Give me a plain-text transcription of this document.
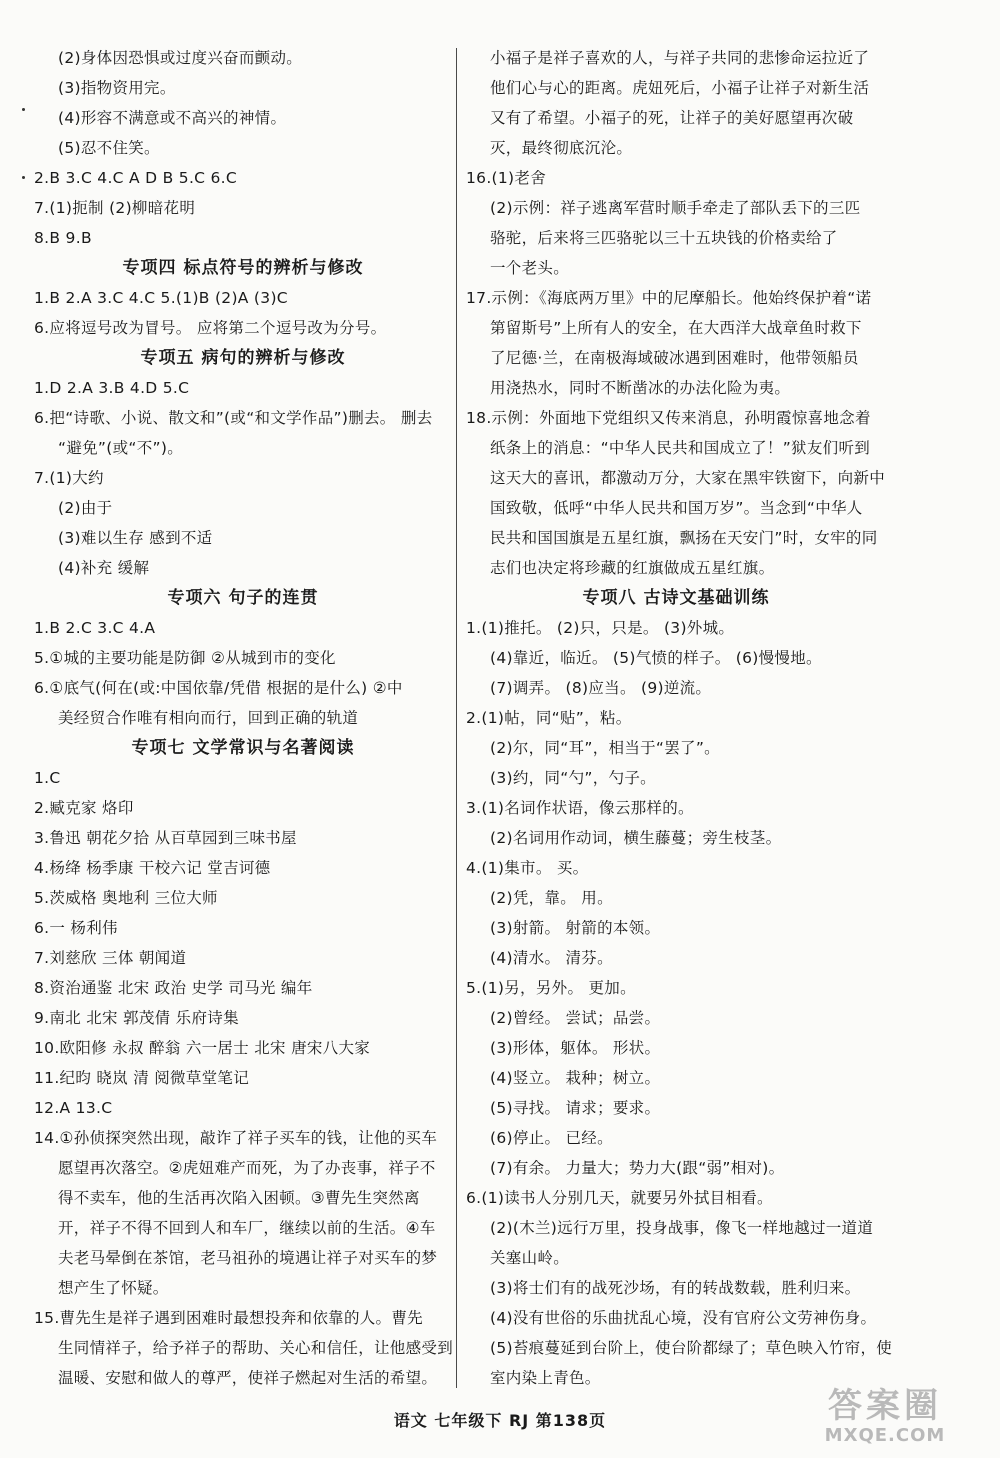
(2)身体因恐惧或过度兴奋而颤动。
(3)指物资用完。
(4)形容不满意或不高兴的神情。
(5)忍不住笑。
2.B 3.C 4.C A D B 5.C 6.C
7.(1)扼制 (2)柳暗花明
8.B 9.B
专项四 标点符号的辨析与修改
1.B 2.A 3.C 4.C 5.(1)B (2)A (3)C
6.应将逗号改为冒号。 应将第二个逗号改为分号。
专项五 病句的辨析与修改
1.D 2.A 3.B 4.D 5.C
6.把“诗歌、小说、散文和”(或“和文学作品”)删去。 删去
“避免”(或“不”)。
7.(1)大约
(2)由于
(3)难以生存 感到不适
(4)补充 缓解
专项六 句子的连贯
1.B 2.C 3.C 4.A
5.①城的主要功能是防御 ②从城到市的变化
6.①底气(何在(或:中国依靠/凭借 根据的是什么) ②中
美经贸合作唯有相向而行，回到正确的轨道
专项七 文学常识与名著阅读
1.C
2.臧克家 烙印
3.鲁迅 朝花夕拾 从百草园到三味书屋
4.杨绛 杨季康 干校六记 堂吉诃德
5.茨威格 奥地利 三位大师
6.一 杨利伟
7.刘慈欣 三体 朝闻道
8.资治通鉴 北宋 政治 史学 司马光 编年
9.南北 北宋 郭茂倩 乐府诗集
10.欧阳修 永叔 醉翁 六一居士 北宋 唐宋八大家
11.纪昀 晓岚 清 阅微草堂笔记
12.A 13.C
14.①孙侦探突然出现，敲诈了祥子买车的钱，让他的买车
愿望再次落空。②虎妞难产而死，为了办丧事，祥子不
得不卖车，他的生活再次陷入困顿。③曹先生突然离
开，祥子不得不回到人和车厂，继续以前的生活。④车
夫老马晕倒在茶馆，老马祖孙的境遇让祥子对买车的梦
想产生了怀疑。
15.曹先生是祥子遇到困难时最想投奔和依靠的人。曹先
生同情祥子，给予祥子的帮助、关心和信任，让他感受到
温暖、安慰和做人的尊严，使祥子燃起对生活的希望。
小福子是祥子喜欢的人，与祥子共同的悲惨命运拉近了
他们心与心的距离。虎妞死后，小福子让祥子对新生活
又有了希望。小福子的死，让祥子的美好愿望再次破
灭，最终彻底沉沦。
16.(1)老舍
(2)示例：祥子逃离军营时顺手牵走了部队丢下的三匹
骆驼，后来将三匹骆驼以三十五块钱的价格卖给了
一个老头。
17.示例：《海底两万里》中的尼摩船长。他始终保护着“诺
第留斯号”上所有人的安全，在大西洋大战章鱼时救下
了尼德·兰，在南极海域破冰遇到困难时，他带领船员
用浇热水，同时不断凿冰的办法化险为夷。
18.示例：外面地下党组织又传来消息，孙明霞惊喜地念着
纸条上的消息：“中华人民共和国成立了！”狱友们听到
这天大的喜讯，都激动万分，大家在黑牢铁窗下，向新中
国致敬，低呼“中华人民共和国万岁”。当念到“中华人
民共和国国旗是五星红旗，飘扬在天安门”时，女牢的同
志们也决定将珍藏的红旗做成五星红旗。
专项八 古诗文基础训练
1.(1)推托。 (2)只，只是。 (3)外城。
(4)靠近，临近。 (5)气愤的样子。 (6)慢慢地。
(7)调弄。 (8)应当。 (9)逆流。
2.(1)帖，同“贴”，粘。
(2)尔，同“耳”，相当于“罢了”。
(3)约，同“勺”，勺子。
3.(1)名词作状语，像云那样的。
(2)名词用作动词，横生藤蔓；旁生枝茎。
4.(1)集市。 买。
(2)凭，靠。 用。
(3)射箭。 射箭的本领。
(4)清水。 清芬。
5.(1)另，另外。 更加。
(2)曾经。 尝试；品尝。
(3)形体，躯体。 形状。
(4)竖立。 栽种；树立。
(5)寻找。 请求；要求。
(6)停止。 已经。
(7)有余。 力量大；势力大(跟“弱”相对)。
6.(1)读书人分别几天，就要另外拭目相看。
(2)(木兰)远行万里，投身战事，像飞一样地越过一道道
关塞山岭。
(3)将士们有的战死沙场，有的转战数载，胜利归来。
(4)没有世俗的乐曲扰乱心境，没有官府公文劳神伤身。
(5)苔痕蔓延到台阶上，使台阶都绿了；草色映入竹帘，使
室内染上青色。
语文 七年级下 RJ 第138页	答案圈
MXQE.COM
